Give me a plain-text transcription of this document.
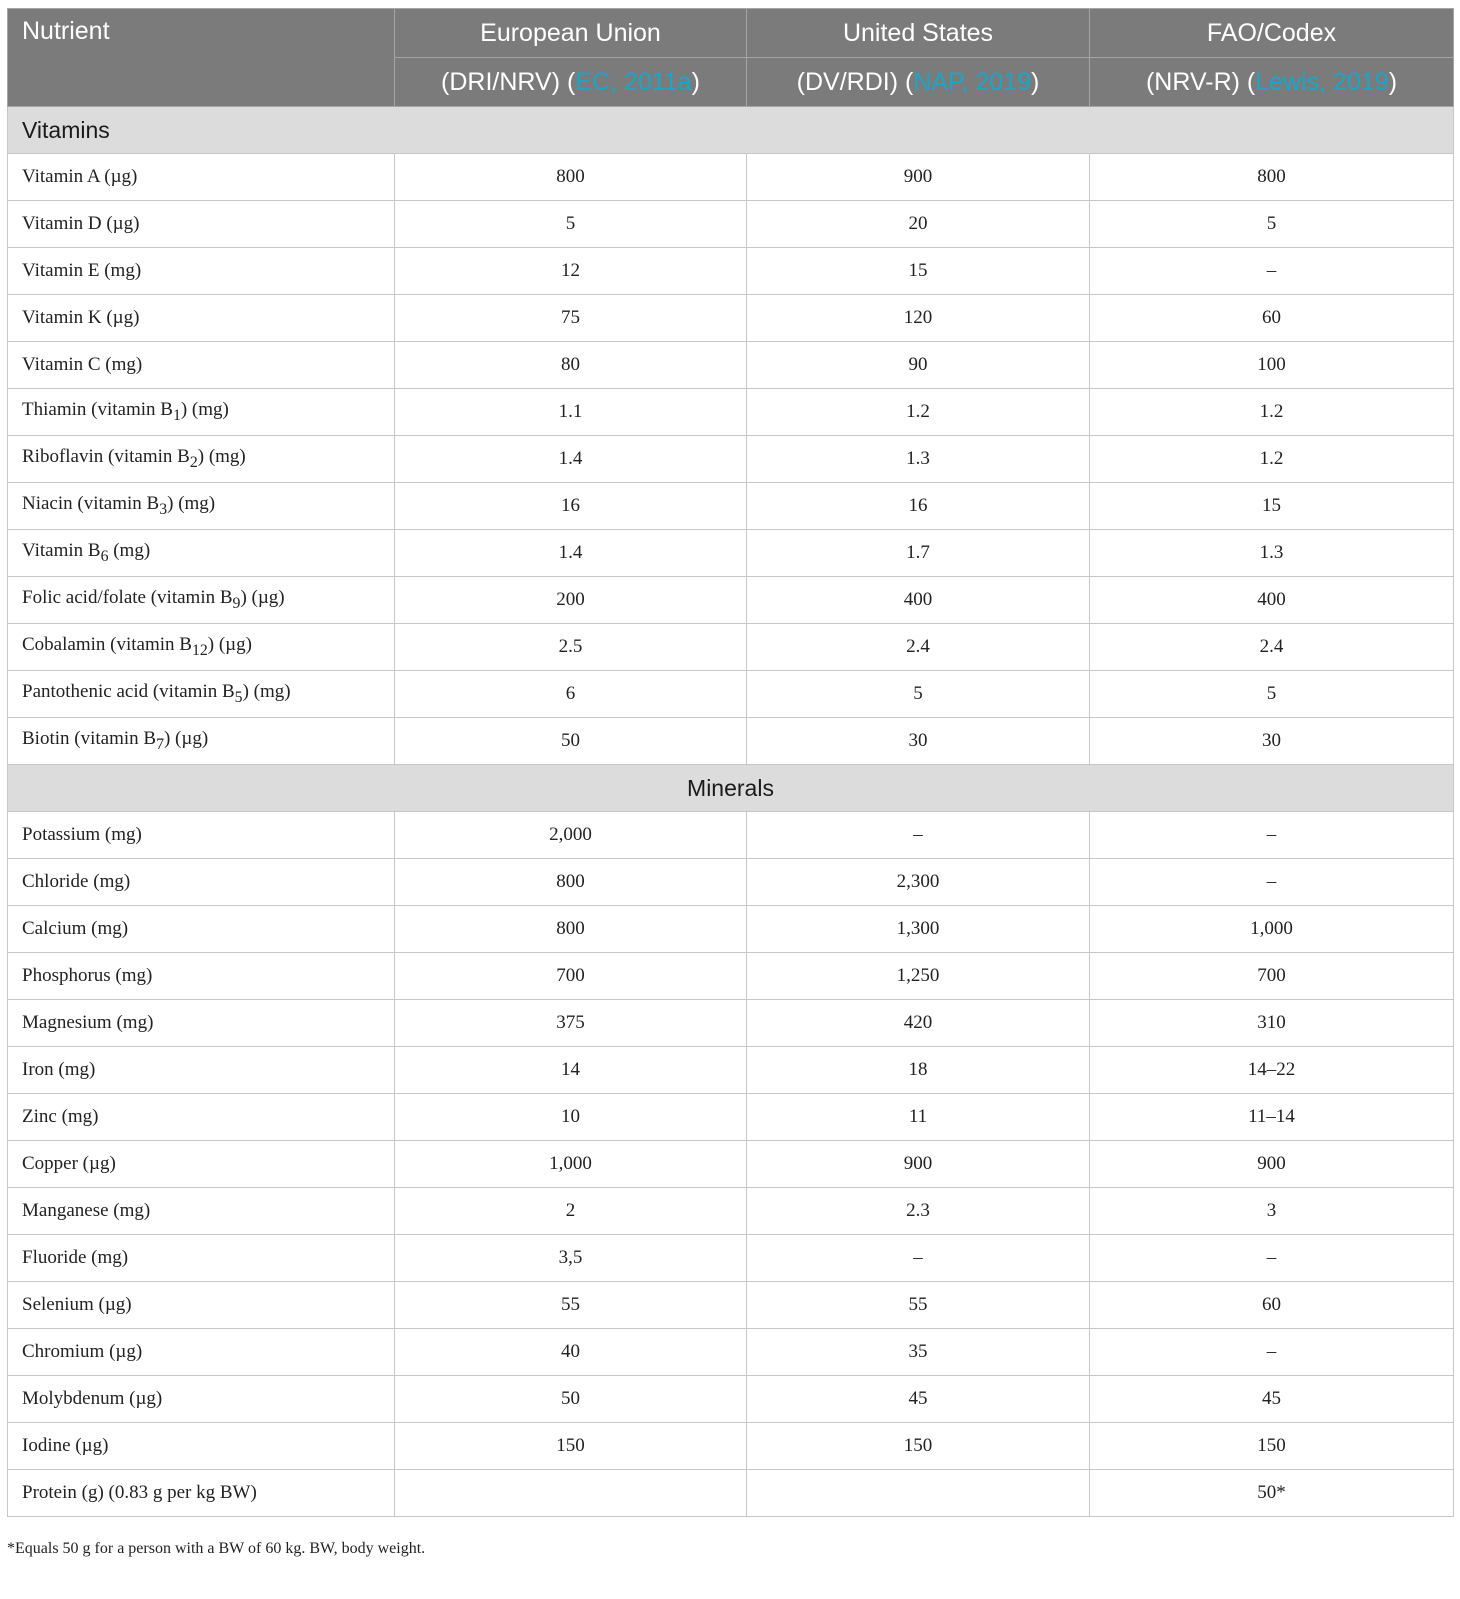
Nutrient	European Union	United States	FAO/Codex
	(DRI/NRV) (EC, 2011a)	(DV/RDI) (NAP, 2019)	(NRV-R) (Lewis, 2019)
Vitamins			
Vitamin A (µg)	800	900	800
Vitamin D (µg)	5	20	5
Vitamin E (mg)	12	15	–
Vitamin K (µg)	75	120	60
Vitamin C (mg)	80	90	100
Thiamin (vitamin $B_1$) (mg)	1.1	1.2	1.2
Riboflavin (vitamin $B_2$) (mg)	1.4	1.3	1.2
Niacin (vitamin $B_3$) (mg)	16	16	15
Vitamin $B_6$ (mg)	1.4	1.7	1.3
Folic acid/folate (vitamin $B_9$) (µg)	200	400	400
Cobalamin (vitamin $B_{12}$) (µg)	2.5	2.4	2.4
Pantothenic acid (vitamin $B_5$) (mg)	6	5	5
Biotin (vitamin $B_7$) (µg)	50	30	30
Minerals			
Potassium (mg)	2,000	–	–
Chloride (mg)	800	2,300	–
Calcium (mg)	800	1,300	1,000
Phosphorus (mg)	700	1,250	700
Magnesium (mg)	375	420	310
Iron (mg)	14	18	14–22
Zinc (mg)	10	11	11–14
Copper (µg)	1,000	900	900
Manganese (mg)	2	2.3	3
Fluoride (mg)	3,5	–	–
Selenium (µg)	55	55	60
Chromium (µg)	40	35	–
Molybdenum (µg)	50	45	45
Iodine (µg)	150	150	150
Protein (g) (0.83 g per kg BW)			50*
*Equals 50 g for a person with a BW of 60 kg. BW, body weight.
